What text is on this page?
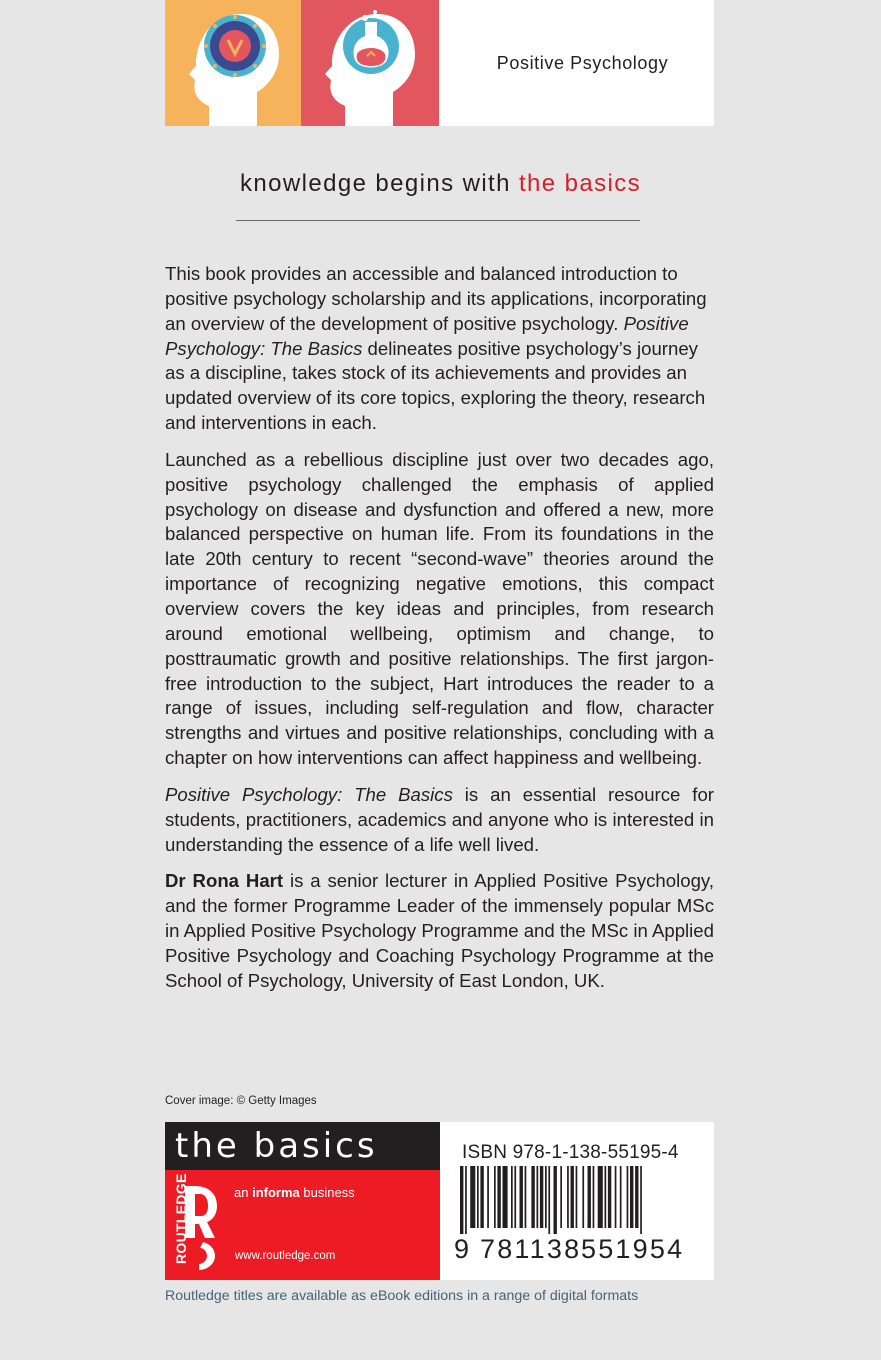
Positive Psychology
knowledge begins with the basics

This book provides an accessible and balanced introduction to positive psychology scholarship and its applications, incorporating an overview of the development of positive psychology. Positive Psychology: The Basics delineates positive psychology’s journey as a discipline, takes stock of its achievements and provides an updated overview of its core topics, exploring the theory, research and interventions in each.

Launched as a rebellious discipline just over two decades ago, positive psychology challenged the emphasis of applied psychology on disease and dysfunction and offered a new, more balanced perspective on human life. From its foundations in the late 20th century to recent “second-wave” theories around the importance of recognizing negative emotions, this compact overview covers the key ideas and principles, from research around emotional wellbeing, optimism and change, to posttraumatic growth and positive relationships. The first jargon-free introduction to the subject, Hart introduces the reader to a range of issues, including self-regulation and flow, character strengths and virtues and positive relationships, concluding with a chapter on how interventions can affect happiness and wellbeing.

Positive Psychology: The Basics is an essential resource for students, practitioners, academics and anyone who is interested in understanding the essence of a life well lived.

Dr Rona Hart is a senior lecturer in Applied Positive Psychology, and the former Programme Leader of the immensely popular MSc in Applied Positive Psychology Programme and the MSc in Applied Positive Psychology and Coaching Psychology Programme at the School of Psychology, University of East London, UK.

Cover image: © Getty Images
the basics
ROUTLEDGE	an informa business
www.routledge.com
ISBN 978-1-138-55195-4
9 781138 551954
Routledge titles are available as eBook editions in a range of digital formats
